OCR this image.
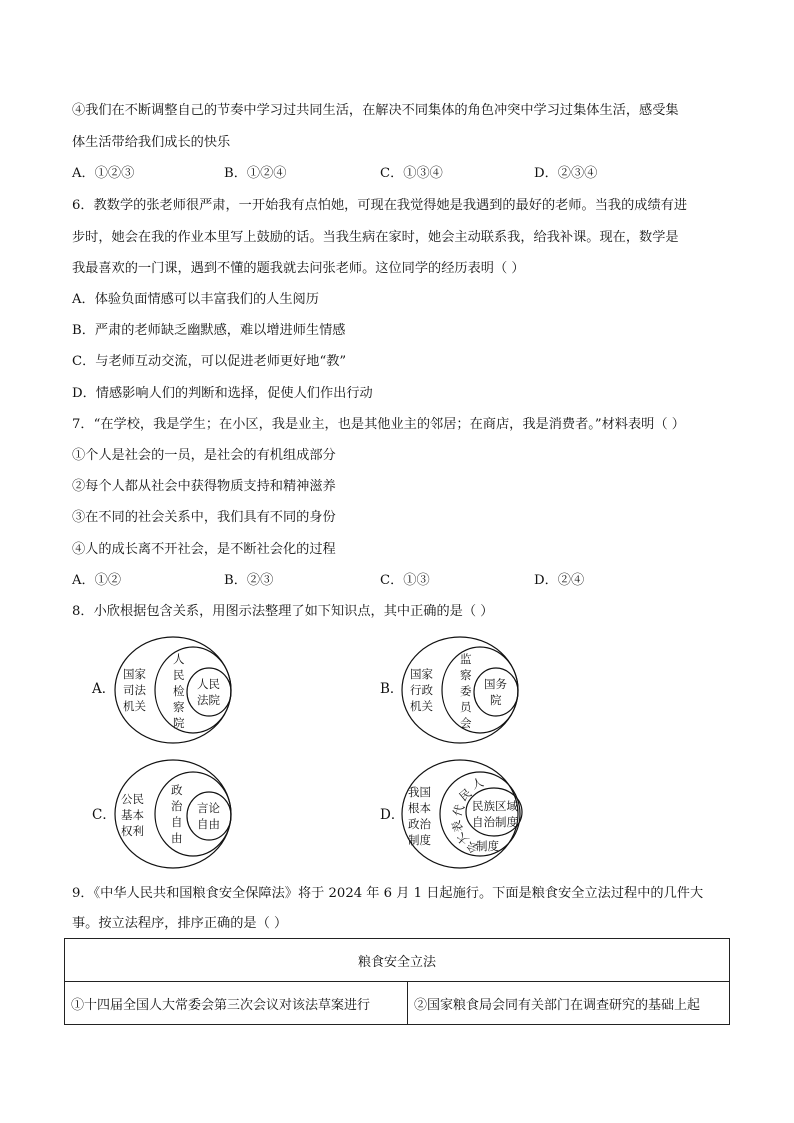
④我们在不断调整自己的节奏中学习过共同生活，在解决不同集体的角色冲突中学习过集体生活，感受集
体生活带给我们成长的快乐
A．①②③	B．①②④	C．①③④	D．②③④
6．教数学的张老师很严肃，一开始我有点怕她，可现在我觉得她是我遇到的最好的老师。当我的成绩有进
步时，她会在我的作业本里写上鼓励的话。当我生病在家时，她会主动联系我，给我补课。现在，数学是
我最喜欢的一门课，遇到不懂的题我就去问张老师。这位同学的经历表明（ ）
A．体验负面情感可以丰富我们的人生阅历
B．严肃的老师缺乏幽默感，难以增进师生情感
C．与老师互动交流，可以促进老师更好地“教”
D．情感影响人们的判断和选择，促使人们作出行动
7．“在学校，我是学生；在小区，我是业主，也是其他业主的邻居；在商店，我是消费者。”材料表明（ ）
①个人是社会的一员，是社会的有机组成部分
②每个人都从社会中获得物质支持和精神滋养
③在不同的社会关系中，我们具有不同的身份
④人的成长离不开社会，是不断社会化的过程
A．①②	B．②③	C．①③	D．②④
8．小欣根据包含关系，用图示法整理了如下知识点，其中正确的是（ ）
A．
国家
司法
机关
人
民
检
察
院
人民
法院
B．
国家
行政
机关
监
察
委
员
会
国务
院
C．
公民
基本
权利
政
治
自
由
言论
自由
D．
我国
根本
政治
制度
人
民
代
表
大
会
制度
民族区域
自治制度
9．《中华人民共和国粮食安全保障法》将于 2024 年 6 月 1 日起施行。下面是粮食安全立法过程中的几件大
事。按立法程序，排序正确的是（ ）
粮食安全立法
①十四届全国人大常委会第三次会议对该法草案进行	②国家粮食局会同有关部门在调查研究的基础上起
